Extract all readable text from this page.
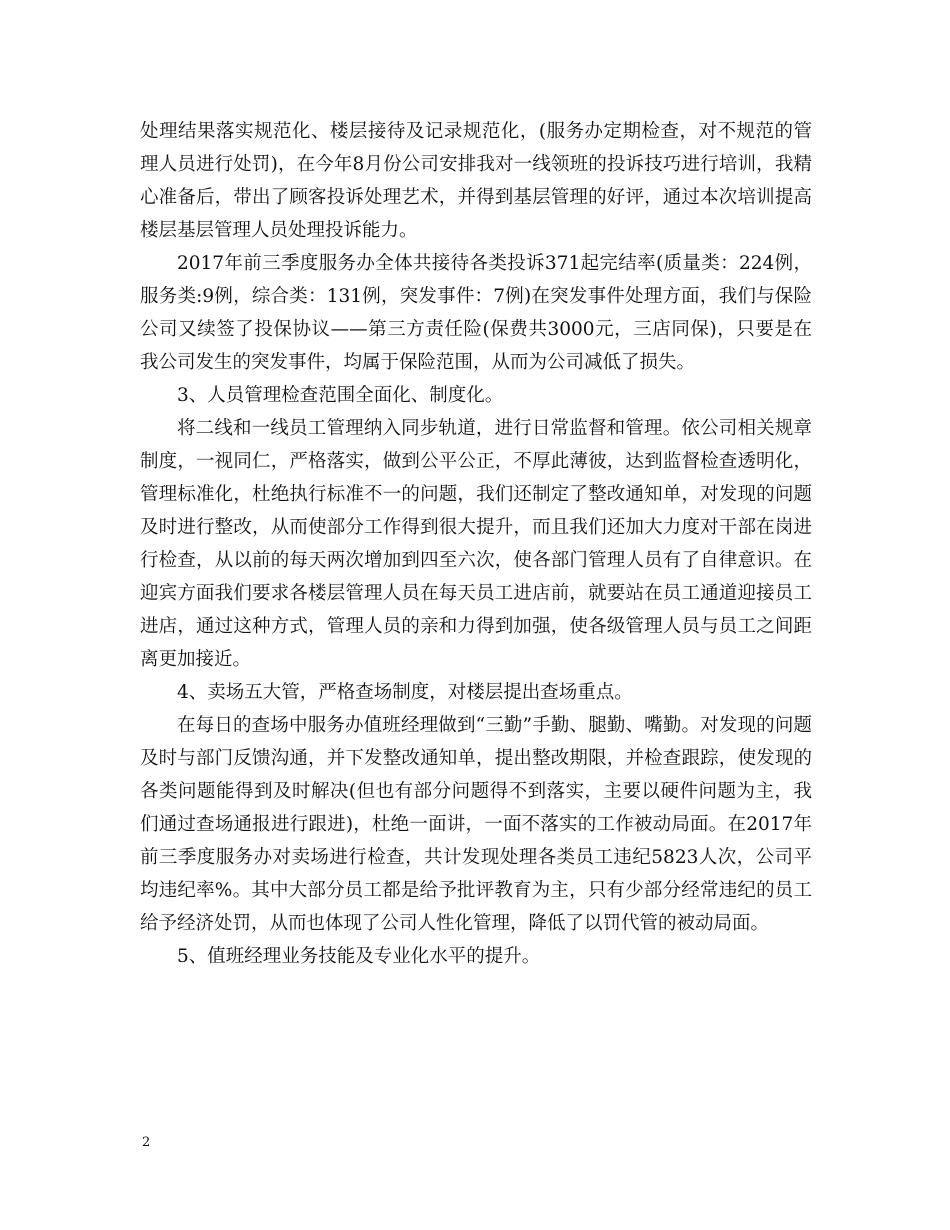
处理结果落实规范化、楼层接待及记录规范化，(服务办定期检查，对不规范的管理人员进行处罚)，在今年8月份公司安排我对一线领班的投诉技巧进行培训，我精心准备后，带出了顾客投诉处理艺术，并得到基层管理的好评，通过本次培训提高楼层基层管理人员处理投诉能力。

2017年前三季度服务办全体共接待各类投诉371起完结率(质量类：224例，服务类:9例，综合类：131例，突发事件：7例)在突发事件处理方面，我们与保险公司又续签了投保协议——第三方责任险(保费共3000元，三店同保)，只要是在我公司发生的突发事件，均属于保险范围，从而为公司减低了损失。

3、人员管理检查范围全面化、制度化。

将二线和一线员工管理纳入同步轨道，进行日常监督和管理。依公司相关规章制度，一视同仁，严格落实，做到公平公正，不厚此薄彼，达到监督检查透明化，管理标准化，杜绝执行标准不一的问题，我们还制定了整改通知单，对发现的问题及时进行整改，从而使部分工作得到很大提升，而且我们还加大力度对干部在岗进行检查，从以前的每天两次增加到四至六次，使各部门管理人员有了自律意识。在迎宾方面我们要求各楼层管理人员在每天员工进店前，就要站在员工通道迎接员工进店，通过这种方式，管理人员的亲和力得到加强，使各级管理人员与员工之间距离更加接近。

4、卖场五大管，严格查场制度，对楼层提出查场重点。

在每日的查场中服务办值班经理做到“三勤”手勤、腿勤、嘴勤。对发现的问题及时与部门反馈沟通，并下发整改通知单，提出整改期限，并检查跟踪，使发现的各类问题能得到及时解决(但也有部分问题得不到落实，主要以硬件问题为主，我们通过查场通报进行跟进)，杜绝一面讲，一面不落实的工作被动局面。在2017年前三季度服务办对卖场进行检查，共计发现处理各类员工违纪5823人次，公司平均违纪率%。其中大部分员工都是给予批评教育为主，只有少部分经常违纪的员工给予经济处罚，从而也体现了公司人性化管理，降低了以罚代管的被动局面。

5、值班经理业务技能及专业化水平的提升。

2
